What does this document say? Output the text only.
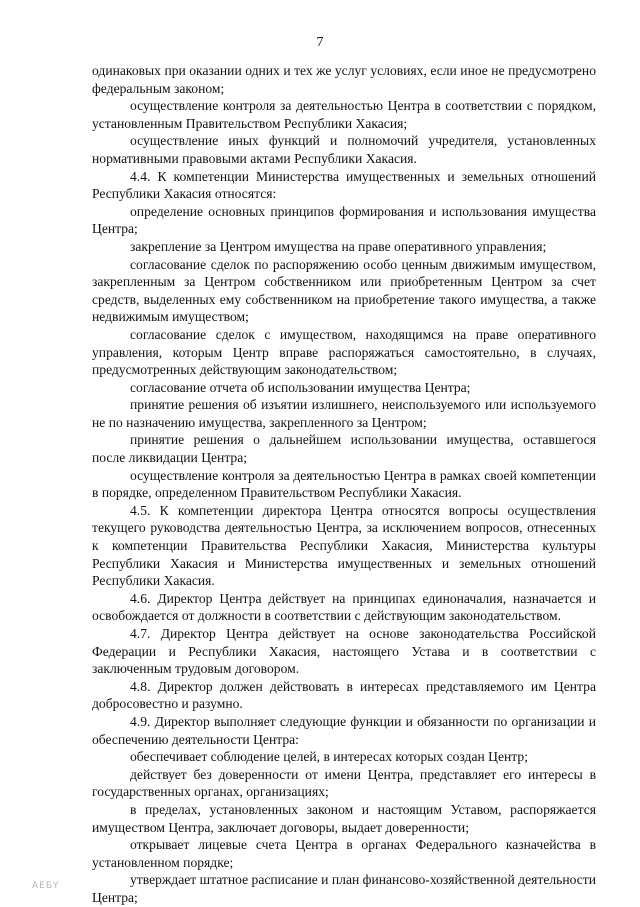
7

одинаковых при оказании одних и тех же услуг условиях, если иное не предусмотрено федеральным законом;

осуществление контроля за деятельностью Центра в соответствии с порядком, установленным Правительством Республики Хакасия;

осуществление иных функций и полномочий учредителя, установленных нормативными правовыми актами Республики Хакасия.

4.4. К компетенции Министерства имущественных и земельных отношений Республики Хакасия относятся:

определение основных принципов формирования и использования имущества Центра;

закрепление за Центром имущества на праве оперативного управления;

согласование сделок по распоряжению особо ценным движимым имуществом, закрепленным за Центром собственником или приобретенным Центром за счет средств, выделенных ему собственником на приобретение такого имущества, а также недвижимым имуществом;

согласование сделок с имуществом, находящимся на праве оперативного управления, которым Центр вправе распоряжаться самостоятельно, в случаях, предусмотренных действующим законодательством;

согласование отчета об использовании имущества Центра;

принятие решения об изъятии излишнего, неиспользуемого или используемого не по назначению имущества, закрепленного за Центром;

принятие решения о дальнейшем использовании имущества, оставшегося после ликвидации Центра;

осуществление контроля за деятельностью Центра в рамках своей компетенции в порядке, определенном Правительством Республики Хакасия.

4.5. К компетенции директора Центра относятся вопросы осуществления текущего руководства деятельностью Центра, за исключением вопросов, отнесенных к компетенции Правительства Республики Хакасия, Министерства культуры Республики Хакасия и Министерства имущественных и земельных отношений Республики Хакасия.

4.6. Директор Центра действует на принципах единоначалия, назначается и освобождается от должности в соответствии с действующим законодательством.

4.7. Директор Центра действует на основе законодательства Российской Федерации и Республики Хакасия, настоящего Устава и в соответствии с заключенным трудовым договором.

4.8. Директор должен действовать в интересах представляемого им Центра добросовестно и разумно.

4.9. Директор выполняет следующие функции и обязанности по организации и обеспечению деятельности Центра:

обеспечивает соблюдение целей, в интересах которых создан Центр;

действует без доверенности от имени Центра, представляет его интересы в государственных органах, организациях;

в пределах, установленных законом и настоящим Уставом, распоряжается имуществом Центра, заключает договоры, выдает доверенности;

открывает лицевые счета Центра в органах Федерального казначейства в установленном порядке;

утверждает штатное расписание и план финансово-хозяйственной деятельности Центра;

АЕБY
